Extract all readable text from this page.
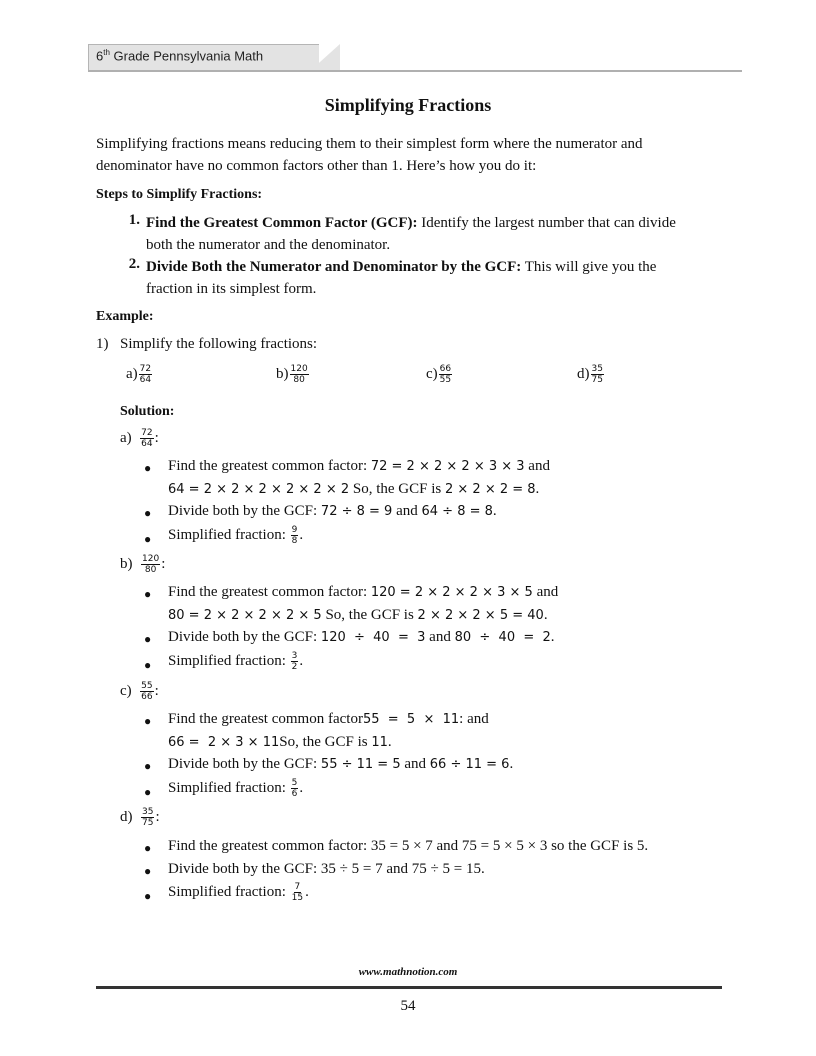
6th Grade Pennsylvania Math
Simplifying Fractions
Simplifying fractions means reducing them to their simplest form where the numerator and
denominator have no common factors other than 1. Here’s how you do it:
Steps to Simplify Fractions:
1. Find the Greatest Common Factor (GCF): Identify the largest number that can divide
both the numerator and the denominator.
2. Divide Both the Numerator and Denominator by the GCF: This will give you the
fraction in its simplest form.
Example:
1) Simplify the following fractions:
$a) \frac{72}{64}$	$b) \frac{120}{80}$	$c) \frac{66}{55}$	$d) \frac{35}{75}$
Solution:
$a) \frac{72}{64}$ :
● Find the greatest common factor: 72 = 2 × 2 × 2 × 3 × 3 and
64 = 2 × 2 × 2 × 2 × 2 × 2 So, the GCF is 2 × 2 × 2 = 8.
● Divide both by the GCF: 72 ÷ 8 = 9 and 64 ÷ 8 = 8.
● Simplified fraction: $\frac{9}{8}$ .
$b) \frac{120}{80}$ :
● Find the greatest common factor: 120 = 2 × 2 × 2 × 3 × 5 and
80 = 2 × 2 × 2 × 2 × 5 So, the GCF is 2 × 2 × 2 × 5 = 40.
● Divide both by the GCF: 120  ÷  40  =  3 and 80  ÷  40  =  2.
● Simplified fraction: $\frac{3}{2}$ .
$c) \frac{55}{66}$ :
● Find the greatest common factor55  =  5  ×  11: and
66 =  2 × 3 × 11So, the GCF is 11.
● Divide both by the GCF: 55 ÷ 11 = 5 and 66 ÷ 11 = 6.
● Simplified fraction: $\frac{5}{6}$ .
$d) \frac{35}{75}$ :
● Find the greatest common factor: 35 = 5 × 7 and 75 = 5 × 5 × 3 so the GCF is 5.
● Divide both by the GCF: 35 ÷ 5 = 7 and 75 ÷ 5 = 15.
● Simplified fraction: $\frac{7}{15}$ .
www.mathnotion.com
54
